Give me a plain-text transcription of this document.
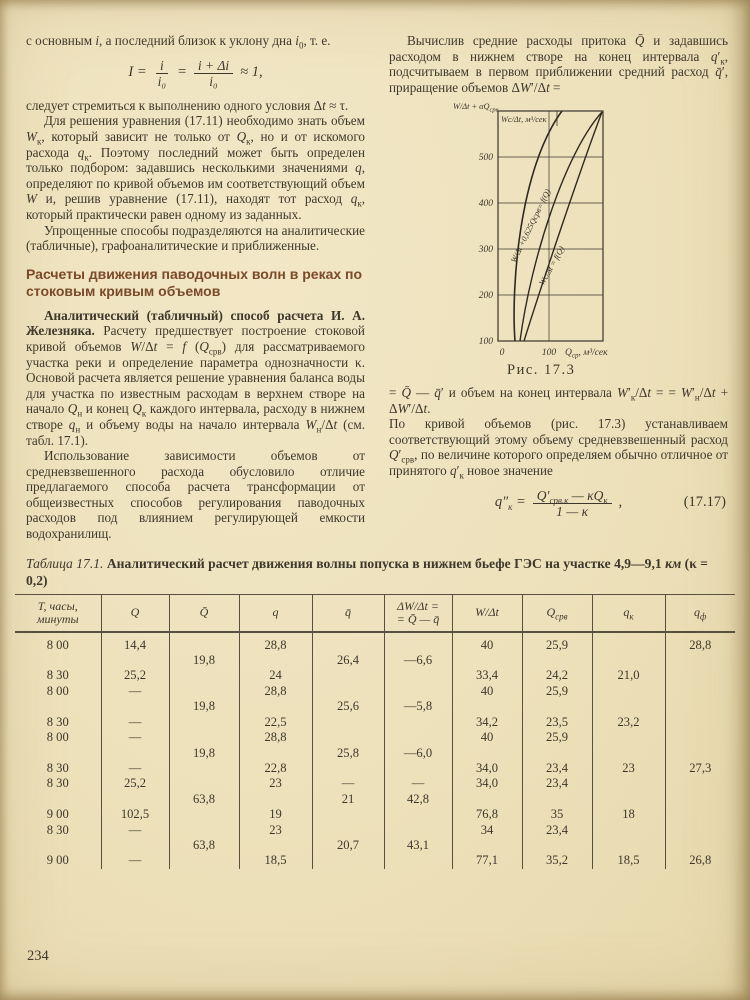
с основным i, а последний близок к уклону дна $i_0$, т. е.

$I = \frac{i}{\text{i₀}} = \frac{i + \Delta i}{\text{i₀}} \approx 1$,

следует стремиться к выполнению одного условия Δt ≈ τ.

Для решения уравнения (17.11) необходимо знать объем $W_к$, который зависит не только от $Q_к$, но и от искомого расхода $q_к$. Поэтому последний может быть определен только подбором: задавшись несколькими значениями q, определяют по кривой объемов им соответствующий объем W и, решив уравнение (17.11), находят тот расход $q_к$, который практически равен одному из заданных.

Упрощенные способы подразделяются на аналитические (табличные), графоаналитические и приближенные.

Расчеты движения паводочных волн в реках по стоковым кривым объемов

Аналитический (табличный) способ расчета И. А. Железняка. Расчету предшествует построение стоковой кривой объемов W/Δt = f $(Q_{срв})$ для рассматриваемого участка реки и определение параметра однозначности κ. Основой расчета является решение уравнения баланса воды для участка по известным расходам в верхнем створе на начало $Q_н$ и конец $Q_к$ каждого интервала, расходу в нижнем створе $q_н$ и объему воды на начало интервала $W_н/\Delta t$ (см. табл. 17.1).

Использование зависимости объемов от средневзвешенного расхода обусловило отличие предлагаемого способа расчета трансформации от общеизвестных способов регулирования паводочных расходов под влиянием регулирующей емкости водохранилищ.

Вычислив средние расходы притока Q̄ и задавшись расходом в нижнем створе на конец интервала $q'_к$, подсчитываем в первом приближении средний расход q̄′, приращение объемов ΔW′/Δt =

500
400
300
200
100
0	100 $Q_{ср}$, м³/сек
$W/\Delta t + \alpha Q_{срв}$
Wс/Δt, м³/сек
W/Δt +0,625Qсрв= f(Q)
Wс/Δt = f(Q)
Рис. 17.3

= Q̄ — q̄′ и объем на конец интервала $W'_к/\Delta t$ = = $W'_н/\Delta t + \Delta W'/\Delta t$.

По кривой объемов (рис. 17.3) устанавливаем соответствующий этому объему средневзвешенный расход $Q'_{срв}$, по величине которого определяем обычно отличное от принятого $q'_к$ новое значение

$q''_к = \frac{Q'_{срв.к} — \kappa Q_к}{1 — \kappa}$ ,	(17.17)
Таблица 17.1. Аналитический расчет движения волны попуска в нижнем бьефе ГЭС на участке 4,9—9,1 км (κ = 0,2)
T, часы,
минуты	Q	Q̄	q	q̄	ΔW/Δt =
= Q̄ — q̄	W/Δt	$Q_{срв}$	$q_к$	$q_ф$
8 00	14,4		28,8			40	25,9		28,8
		19,8		26,4	—6,6				
8 30	25,2		24			33,4	24,2	21,0	
8 00	—		28,8			40	25,9		
		19,8		25,6	—5,8				
8 30	—		22,5			34,2	23,5	23,2	
8 00	—		28,8			40	25,9		
		19,8		25,8	—6,0				
8 30	—		22,8			34,0	23,4	23	27,3
8 30	25,2		23	—	—	34,0	23,4		
		63,8		21	42,8				
9 00	102,5		19			76,8	35	18	
8 30	—		23			34	23,4		
		63,8		20,7	43,1				
9 00	—		18,5			77,1	35,2	18,5	26,8
234
